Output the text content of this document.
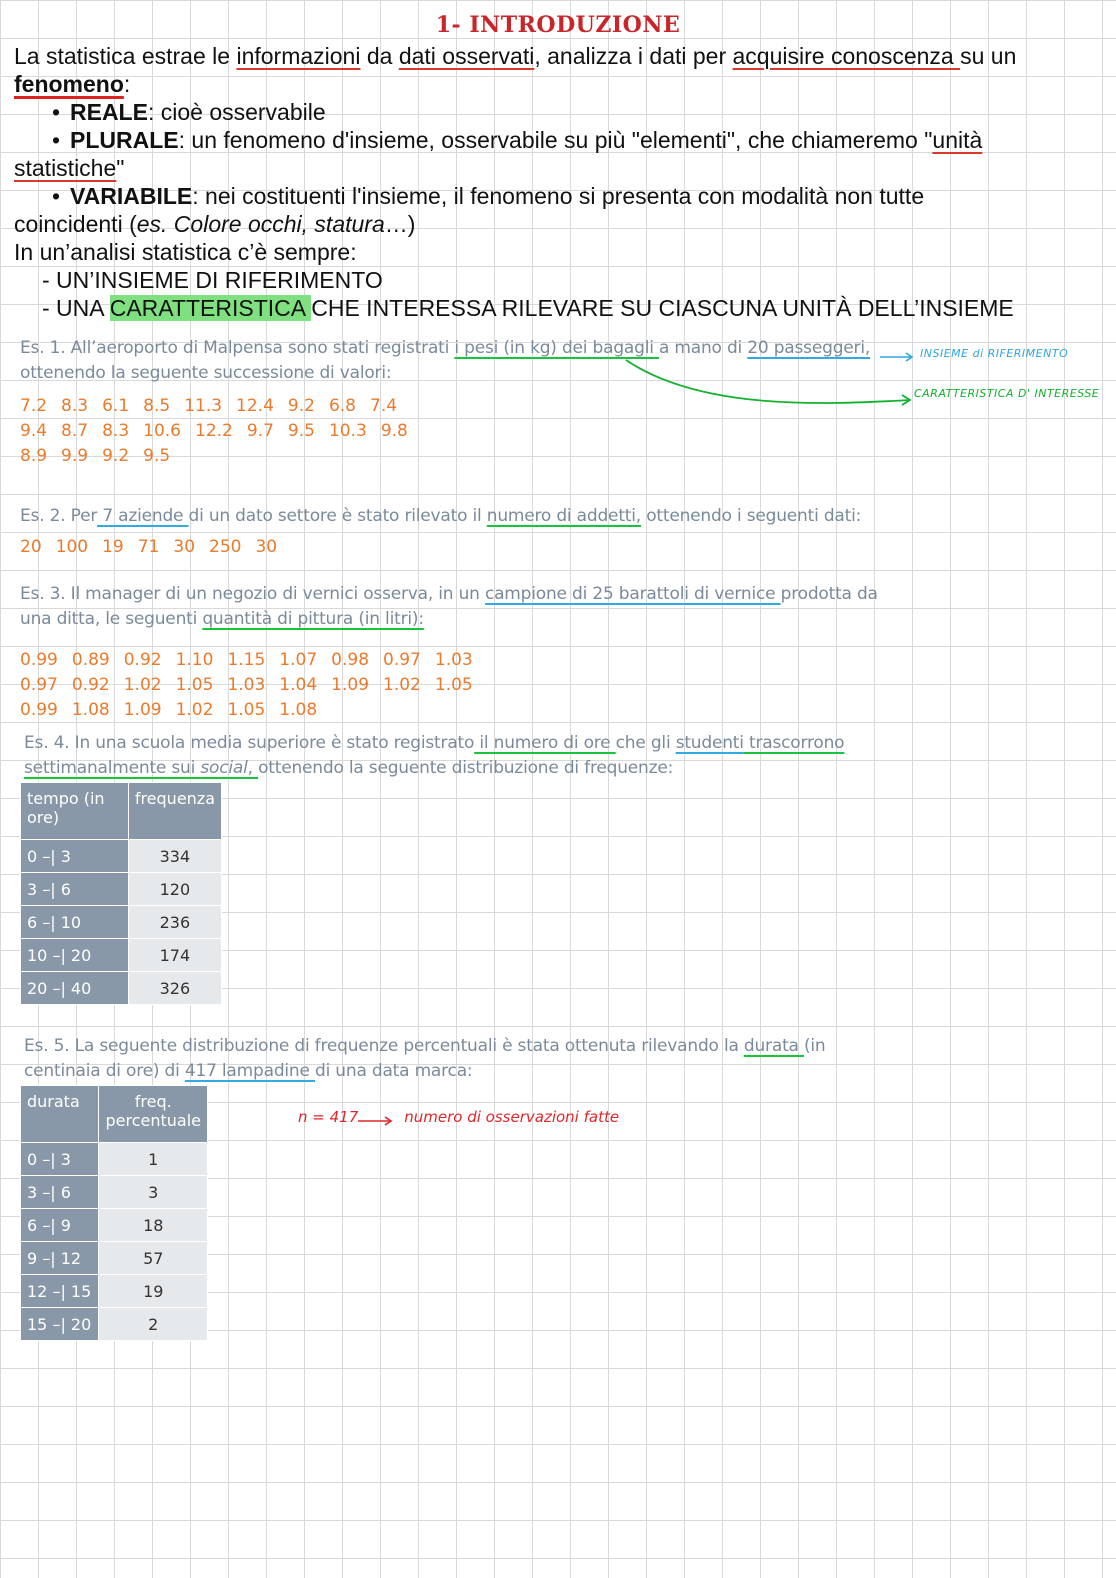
1- INTRODUZIONE
La statistica estrae le informazioni da dati osservati, analizza i dati per acquisire conoscenza su un
fenomeno:
• REALE: cioè osservabile
• PLURALE: un fenomeno d'insieme, osservabile su più "elementi", che chiameremo "unità
statistiche"
• VARIABILE: nei costituenti l'insieme, il fenomeno si presenta con modalità non tutte
coincidenti (es. Colore occhi, statura…)
In un’analisi statistica c’è sempre:
- UN’INSIEME DI RIFERIMENTO
- UNA CARATTERISTICA CHE INTERESSA RILEVARE SU CIASCUNA UNITÀ DELL’INSIEME
Es. 1. All’aeroporto di Malpensa sono stati registrati i pesi (in kg) dei bagagli a mano di 20 passeggeri,
ottenendo la seguente successione di valori:
7.2 8.3 6.1 8.5 11.3 12.4 9.2 6.8 7.4
9.4 8.7 8.3 10.6 12.2 9.7 9.5 10.3 9.8
8.9 9.9 9.2 9.5
INSIEME di RIFERIMENTO
CARATTERISTICA D' INTERESSE
Es. 2. Per 7 aziende di un dato settore è stato rilevato il numero di addetti, ottenendo i seguenti dati:
20 100 19 71 30 250 30
Es. 3. Il manager di un negozio di vernici osserva, in un campione di 25 barattoli di vernice prodotta da
una ditta, le seguenti quantità di pittura (in litri):
0.99 0.89 0.92 1.10 1.15 1.07 0.98 0.97 1.03
0.97 0.92 1.02 1.05 1.03 1.04 1.09 1.02 1.05
0.99 1.08 1.09 1.02 1.05 1.08
Es. 4. In una scuola media superiore è stato registrato il numero di ore che gli studenti trascorrono
settimanalmente sui social, ottenendo la seguente distribuzione di frequenze:
tempo (in ore)	frequenza
0 –| 3	334
3 –| 6	120
6 –| 10	236
10 –| 20	174
20 –| 40	326
Es. 5. La seguente distribuzione di frequenze percentuali è stata ottenuta rilevando la durata (in
centinaia di ore) di 417 lampadine di una data marca:
durata	freq. percentuale
0 –| 3	1
3 –| 6	3
6 –| 9	18
9 –| 12	57
12 –| 15	19
15 –| 20	2
n = 417	numero di osservazioni fatte
